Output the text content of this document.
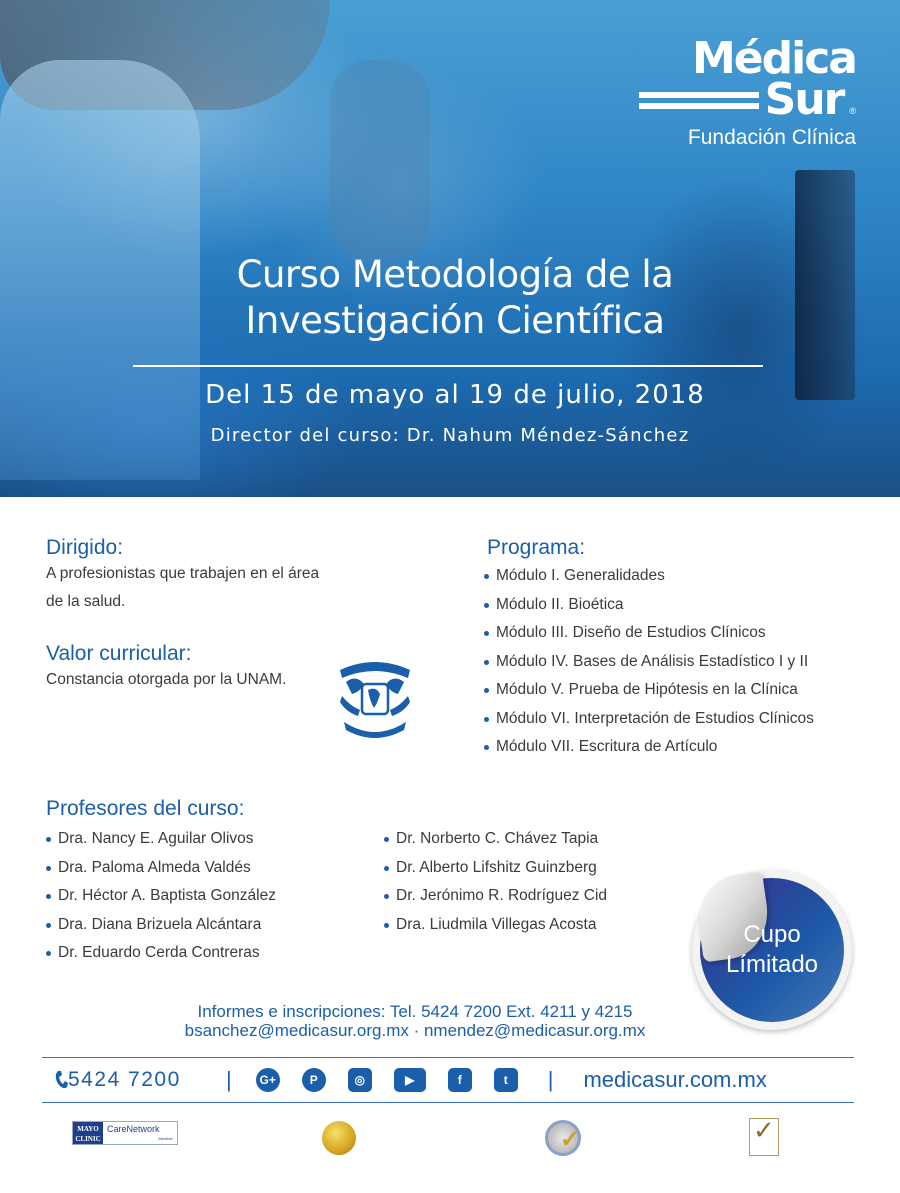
Médica
Sur ®
Fundación Clínica
Curso Metodología de la
Investigación Científica
Del 15 de mayo al 19 de julio, 2018
Director del curso: Dr. Nahum Méndez-Sánchez
Dirigido:
A profesionistas que trabajen en el área
de la salud.
Valor curricular:
Constancia otorgada por la UNAM.
Programa:
Módulo I. Generalidades
Módulo II. Bioética
Módulo III. Diseño de Estudios Clínicos
Módulo IV. Bases de Análisis Estadístico I y II
Módulo V. Prueba de Hipótesis en la Clínica
Módulo VI. Interpretación de Estudios Clínicos
Módulo VII. Escritura de Artículo
Profesores del curso:
Dra. Nancy E. Aguilar Olivos
Dra. Paloma Almeda Valdés
Dr. Héctor A. Baptista González
Dra. Diana Brizuela Alcántara
Dr. Eduardo Cerda Contreras
Dr. Norberto C. Chávez Tapia
Dr. Alberto Lifshitz Guinzberg
Dr. Jerónimo R. Rodríguez Cid
Dra. Liudmila Villegas Acosta	Cupo
Límitado
Informes e inscripciones: Tel. 5424 7200 Ext. 4211 y 4215
bsanchez@medicasur.org.mx · nmendez@medicasur.org.mx
5424 7200 |	G+	P	◎	▶	f	t	| medicasur.com.mx
MAYO
CLINIC
CareNetwork
Member	✓	✓
